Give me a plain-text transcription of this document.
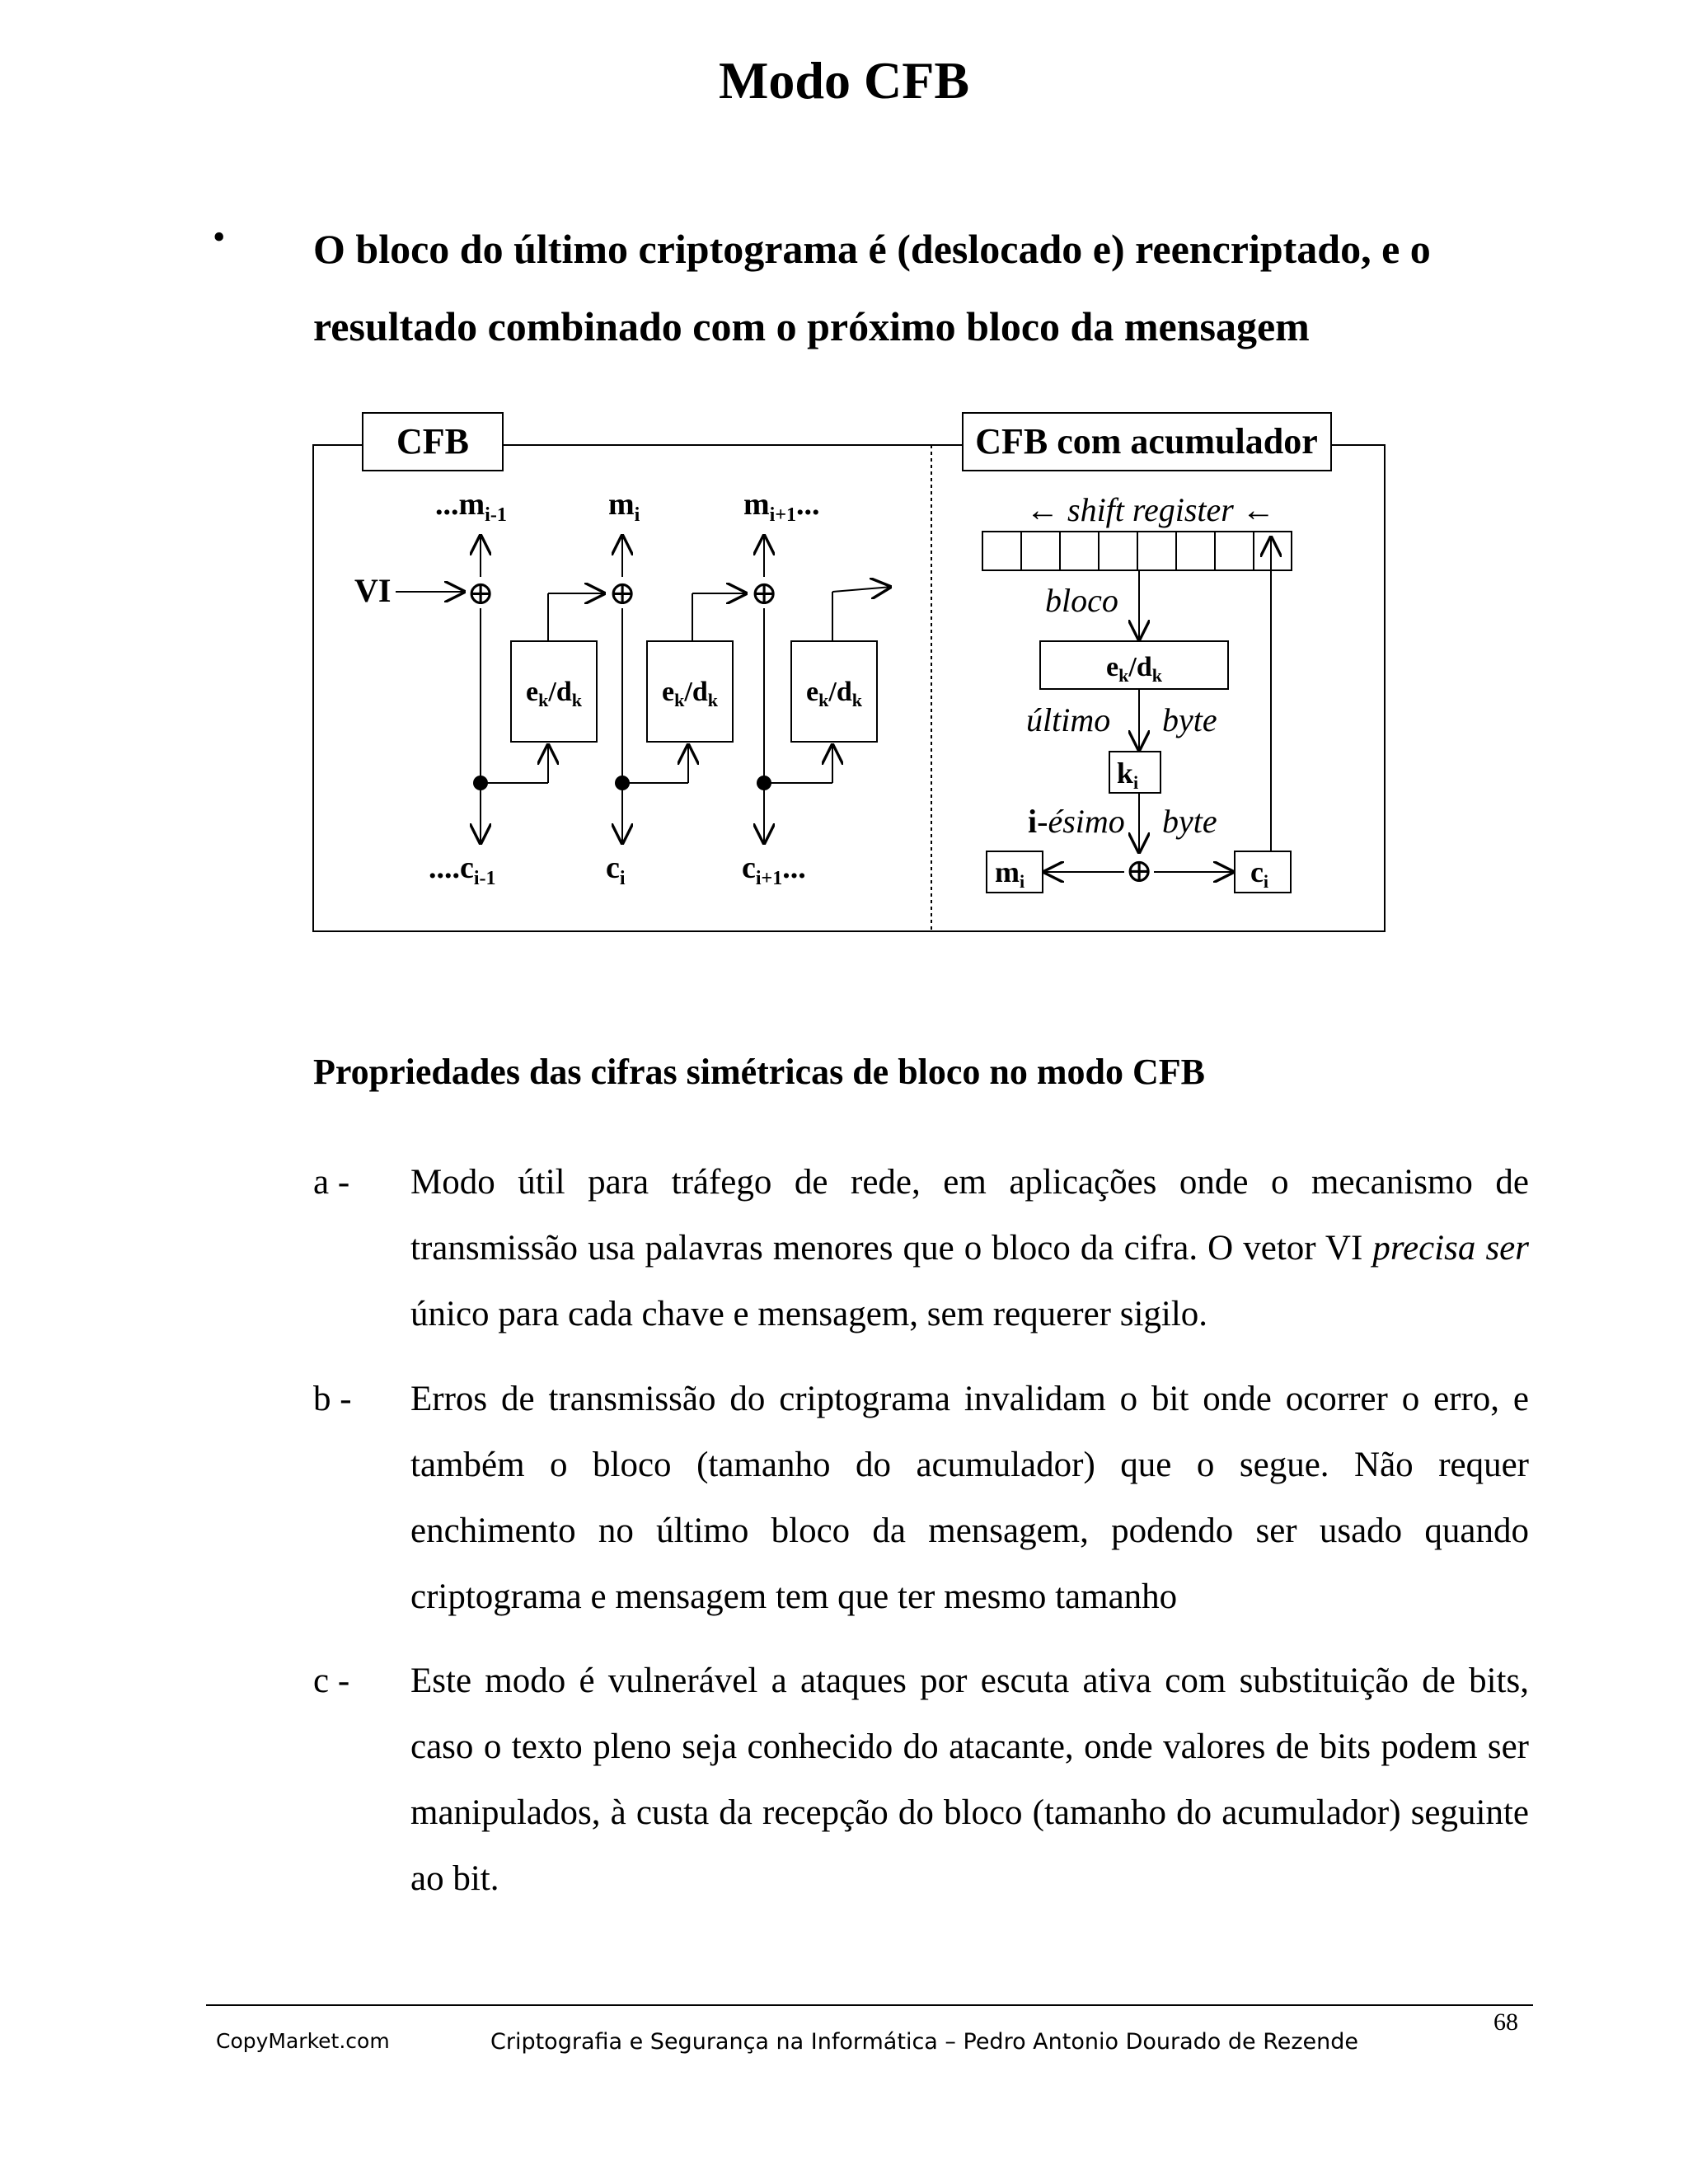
Modo CFB
• O bloco do último criptograma é (deslocado e) reencriptado, e o resultado combinado com o próximo bloco da mensagem

CFB	CFB com acumulador
VI
$...m_{i-1}$	$m_i$	$m_{i+1}$...
⊕
$e_k/d_k$
⊕
$e_k/d_k$
⊕
$e_k/d_k$
$....c_{i-1}$	$c_i$	$c_{i+1}$...
← shift register ←
bloco
$e_k/d_k$
último byte
ki
i-ésimo byte
⊕
mi	ci

Propriedades das cifras simétricas de bloco no modo CFB

a - Modo útil para tráfego de rede, em aplicações onde o mecanismo de transmissão usa palavras menores que o bloco da cifra. O vetor VI precisa ser único para cada chave e mensagem, sem requerer sigilo.
b - Erros de transmissão do criptograma invalidam o bit onde ocorrer o erro, e também o bloco (tamanho do acumulador) que o segue. Não requer enchimento no último bloco da mensagem, podendo ser usado quando criptograma e mensagem tem que ter mesmo tamanho
c - Este modo é vulnerável a ataques por escuta ativa com substituição de bits, caso o texto pleno seja conhecido do atacante, onde valores de bits podem ser manipulados, à custa da recepção do bloco (tamanho do acumulador) seguinte ao bit.
CopyMarket.com	Criptografia e Segurança na Informática – Pedro Antonio Dourado de Rezende
68
